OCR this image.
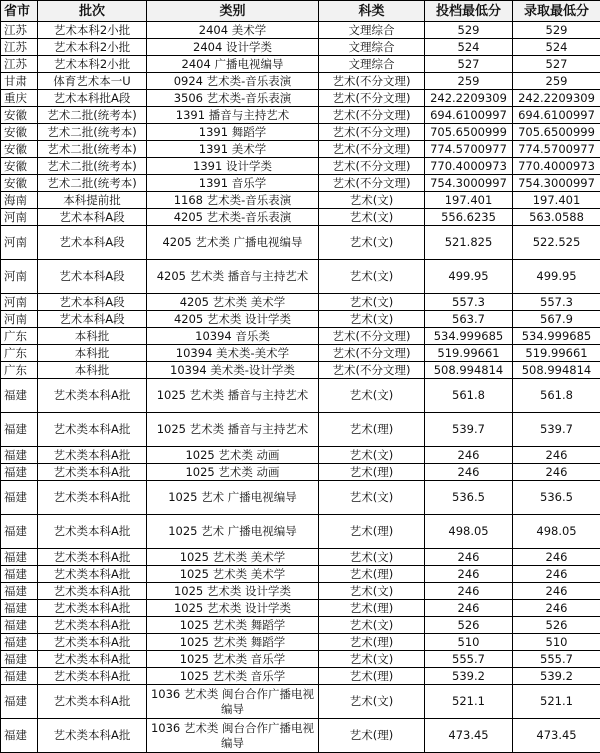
省市	批次	类别	科类	投档最低分	录取最低分
江苏	艺术本科2小批	2404 美术学	文理综合	529	529
江苏	艺术本科2小批	2404 设计学类	文理综合	524	524
江苏	艺术本科2小批	2404 广播电视编导	文理综合	527	527
甘肃	体育艺术本一U	0924 艺术类-音乐表演	艺术(不分文理)	259	259
重庆	艺术本科批A段	3506 艺术类-音乐表演	艺术(不分文理)	242.2209309	242.2209309
安徽	艺术二批(统考本)	1391 播音与主持艺术	艺术(不分文理)	694.6100997	694.6100997
安徽	艺术二批(统考本)	1391 舞蹈学	艺术(不分文理)	705.6500999	705.6500999
安徽	艺术二批(统考本)	1391 美术学	艺术(不分文理)	774.5700977	774.5700977
安徽	艺术二批(统考本)	1391 设计学类	艺术(不分文理)	770.4000973	770.4000973
安徽	艺术二批(统考本)	1391 音乐学	艺术(不分文理)	754.3000997	754.3000997
海南	本科提前批	1168 艺术类-音乐表演	艺术(文)	197.401	197.401
河南	艺术本科A段	4205 艺术类-音乐表演	艺术(文)	556.6235	563.0588
河南	艺术本科A段	4205 艺术类 广播电视编导	艺术(文)	521.825	522.525
河南	艺术本科A段	4205 艺术类 播音与主持艺术	艺术(文)	499.95	499.95
河南	艺术本科A段	4205 艺术类 美术学	艺术(文)	557.3	557.3
河南	艺术本科A段	4205 艺术类 设计学类	艺术(文)	563.7	567.9
广东	本科批	10394 音乐类	艺术(不分文理)	534.999685	534.999685
广东	本科批	10394 美术类-美术学	艺术(不分文理)	519.99661	519.99661
广东	本科批	10394 美术类-设计学类	艺术(不分文理)	508.994814	508.994814
福建	艺术类本科A批	1025 艺术类 播音与主持艺术	艺术(文)	561.8	561.8
福建	艺术类本科A批	1025 艺术类 播音与主持艺术	艺术(理)	539.7	539.7
福建	艺术类本科A批	1025 艺术类 动画	艺术(文)	246	246
福建	艺术类本科A批	1025 艺术类 动画	艺术(理)	246	246
福建	艺术类本科A批	1025 艺术 广播电视编导	艺术(文)	536.5	536.5
福建	艺术类本科A批	1025 艺术 广播电视编导	艺术(理)	498.05	498.05
福建	艺术类本科A批	1025 艺术类 美术学	艺术(文)	246	246
福建	艺术类本科A批	1025 艺术类 美术学	艺术(理)	246	246
福建	艺术类本科A批	1025 艺术类 设计学类	艺术(文)	246	246
福建	艺术类本科A批	1025 艺术类 设计学类	艺术(理)	246	246
福建	艺术类本科A批	1025 艺术类 舞蹈学	艺术(文)	526	526
福建	艺术类本科A批	1025 艺术类 舞蹈学	艺术(理)	510	510
福建	艺术类本科A批	1025 艺术类 音乐学	艺术(文)	555.7	555.7
福建	艺术类本科A批	1025 艺术类 音乐学	艺术(理)	539.2	539.2
福建	艺术类本科A批	1036 艺术类 闽台合作广播电视编导	艺术(文)	521.1	521.1
福建	艺术类本科A批	1036 艺术类 闽台合作广播电视编导	艺术(理)	473.45	473.45
